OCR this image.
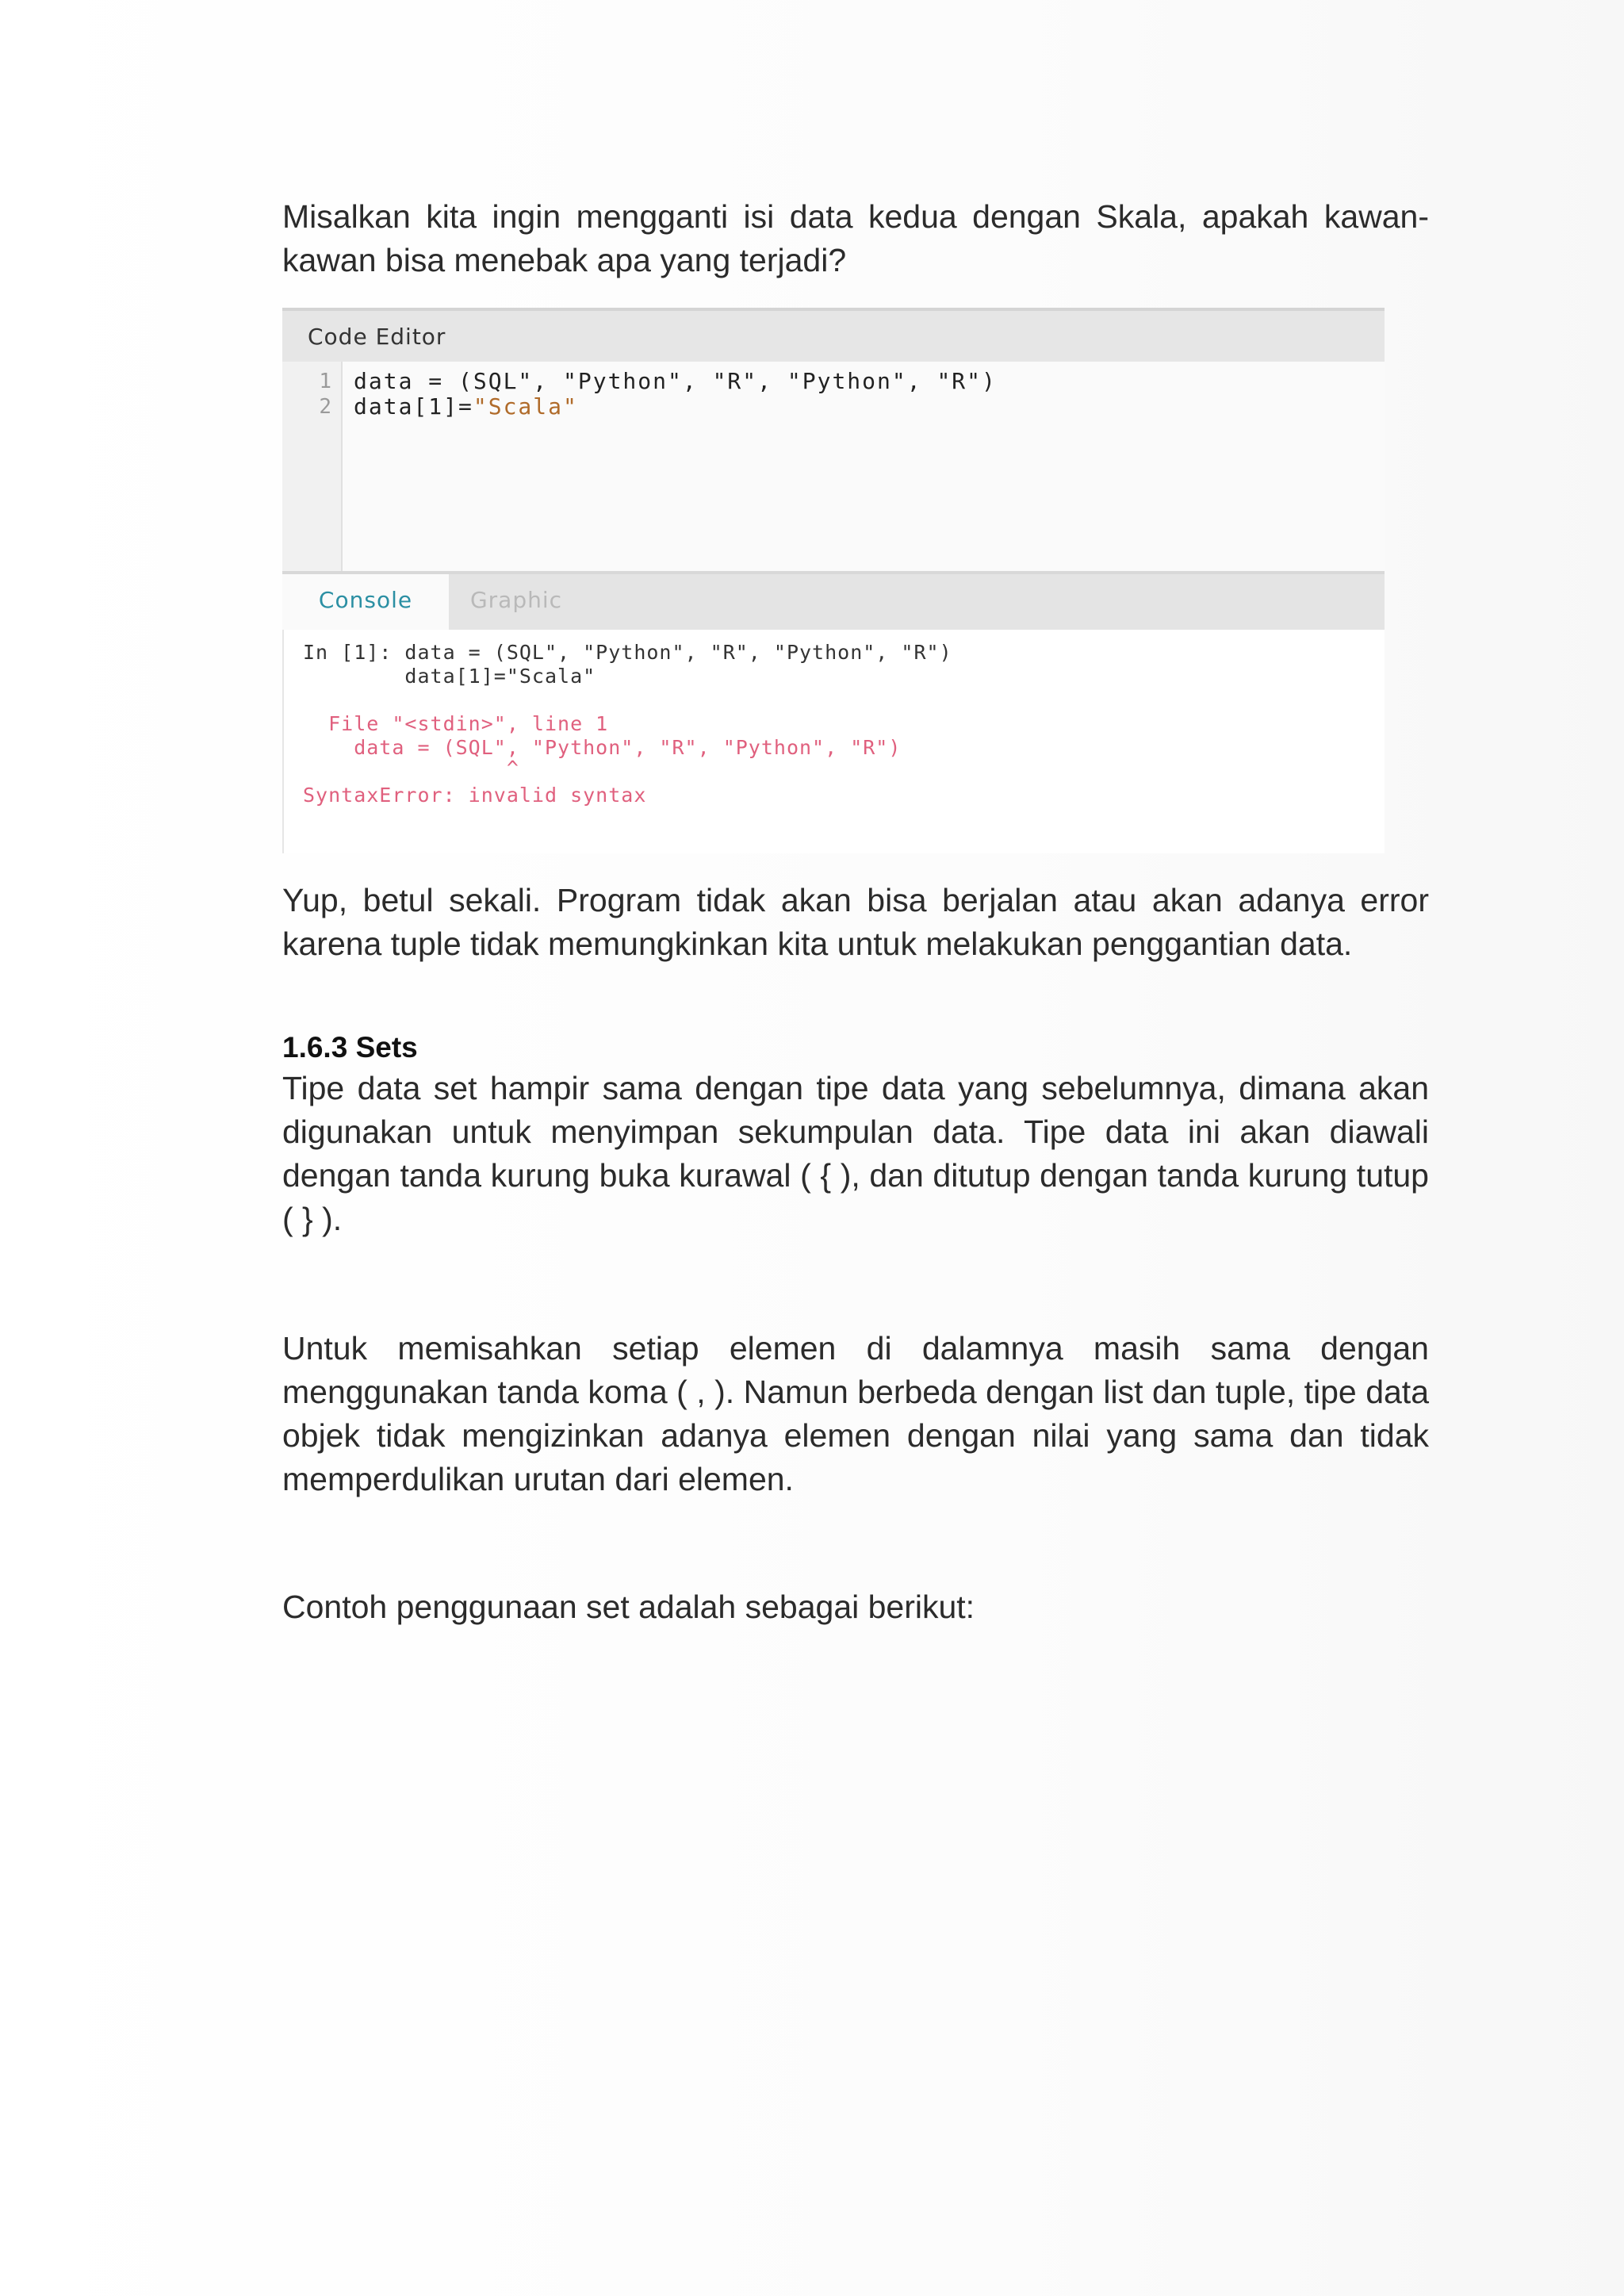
Misalkan kita ingin mengganti isi data kedua dengan Skala, apakah kawan-kawan bisa menebak apa yang terjadi?

Code Editor
1
2
data = (SQL", "Python", "R", "Python", "R")
data[1]="Scala"
Console	Graphic
In [1]: data = (SQL", "Python", "R", "Python", "R")
data[1]="Scala"
File "<stdin>", line 1
data = (SQL", "Python", "R", "Python", "R")
^
SyntaxError: invalid syntax

Yup, betul sekali. Program tidak akan bisa berjalan atau akan adanya error karena tuple tidak memungkinkan kita untuk melakukan penggantian data.

1.6.3 Sets

Tipe data set hampir sama dengan tipe data yang sebelumnya, dimana akan digunakan untuk menyimpan sekumpulan data. Tipe data ini akan diawali dengan tanda kurung buka kurawal ( { ), dan ditutup dengan tanda kurung tutup ( } ).

Untuk memisahkan setiap elemen di dalamnya masih sama dengan menggunakan tanda koma ( , ). Namun berbeda dengan list dan tuple, tipe data objek tidak mengizinkan adanya elemen dengan nilai yang sama dan tidak memperdulikan urutan dari elemen.

Contoh penggunaan set adalah sebagai berikut:
